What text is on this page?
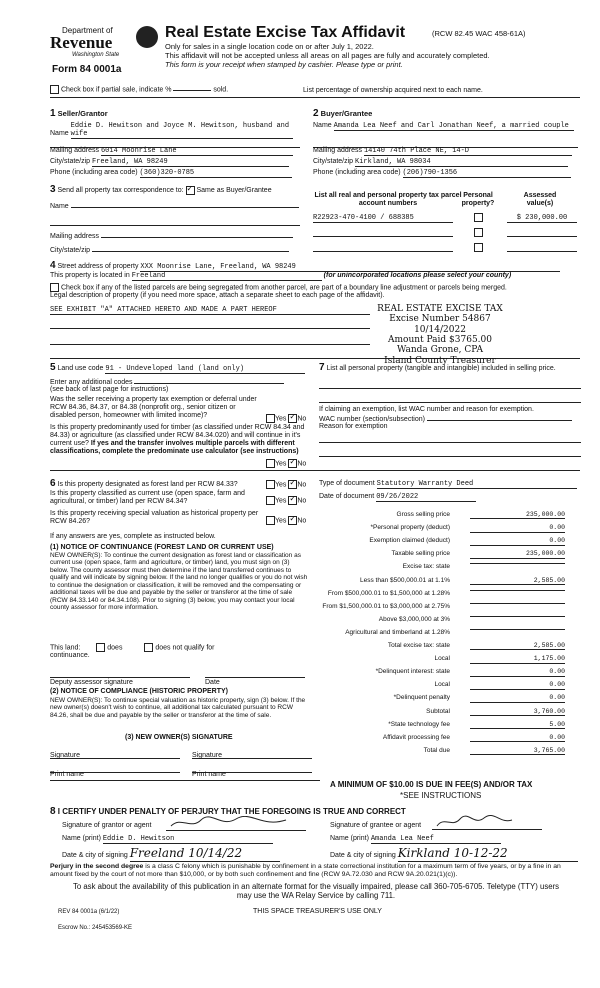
Department of
Revenue
Washington State
Form 84 0001a
Real Estate Excise Tax Affidavit	(RCW 82.45 WAC 458-61A)
Only for sales in a single location code on or after July 1, 2022.
This affidavit will not be accepted unless all areas on all pages are fully and accurately completed.
This form is your receipt when stamped by cashier. Please type or print.
Check box if partial sale, indicate %	sold.	List percentage of ownership acquired next to each name.
1 Seller/Grantor
Name Eddie D. Hewitson and Joyce M. Hewitson, husband and wife
Mailing address 6014 Moonrise Lane
City/state/zip Freeland, WA 98249
Phone (including area code) (360)320-0785
2 Buyer/Grantee
Name Amanda Lea Neef and Carl Jonathan Neef, a married couple
Mailing address 14140 74th Place NE, 14-D
City/state/zip Kirkland, WA 98034
Phone (including area code) (206)790-1356
3 Send all property tax correspondence to: ✓ Same as Buyer/Grantee
Name
Mailing address
City/state/zip
List all real and personal property tax parcel account numbers
Personal property?
Assessed value(s)
R22923-470-4100 / 688385	$ 230,000.00
4 Street address of property XXX Moonrise Lane, Freeland, WA 98249
This property is located in Freeland	(for unincorporated locations please select your county)
Check box if any of the listed parcels are being segregated from another parcel, are part of a boundary line adjustment or parcels being merged.
Legal description of property (if you need more space, attach a separate sheet to each page of the affidavit).
SEE EXHIBIT "A" ATTACHED HERETO AND MADE A PART HEREOF	REAL ESTATE EXCISE TAX
Excise Number 54867
10/14/2022
Amount Paid $3765.00
Wanda Grone, CPA
Island County Treasurer
5 Land use code 91 - Undeveloped land (land only)
Enter any additional codes
(see back of last page for instructions)
Was the seller receiving a property tax exemption or deferral under RCW 84.36, 84.37, or 84.38 (nonprofit org., senior citizen or disabled person, homeowner with limited income)?	Yes ✓ No
Is this property predominantly used for timber (as classified under RCW 84.34 and 84.33) or agriculture (as classified under RCW 84.34.020) and will continue in it's current use? If yes and the transfer involves multiple parcels with different classifications, complete the predominate use calculator (see instructions)
Yes ✓ No
7 List all personal property (tangible and intangible) included in selling price.
If claiming an exemption, list WAC number and reason for exemption.
WAC number (section/subsection)
Reason for exemption
6 Is this property designated as forest land per RCW 84.33?	Yes ✓ No
Is this property classified as current use (open space, farm and agricultural, or timber) land per RCW 84.34?	Yes ✓ No
Is this property receiving special valuation as historical property per RCW 84.26?	Yes ✓ No
If any answers are yes, complete as instructed below.
(1) NOTICE OF CONTINUANCE (FOREST LAND OR CURRENT USE)
NEW OWNER(S): To continue the current designation as forest land or classification as current use (open space, farm and agriculture, or timber) land, you must sign on (3) below. The county assessor must then determine if the land transferred continues to qualify and will indicate by signing below. If the land no longer qualifies or you do not wish to continue the designation or classification, it will be removed and the compensating or additional taxes will be due and payable by the seller or transferor at the time of sale (RCW 84.33.140 or 84.34.108). Prior to signing (3) below, you may contact your local county assessor for more information.
This land:	does	does not qualify for
continuance.
Deputy assessor signature	Date
(2) NOTICE OF COMPLIANCE (HISTORIC PROPERTY)
NEW OWNER(S): To continue special valuation as historic property, sign (3) below. If the new owner(s) doesn't wish to continue, all additional tax calculated pursuant to RCW 84.26, shall be due and payable by the seller or transferor at the time of sale.
(3) NEW OWNER(S) SIGNATURE
Signature	Signature
Print name	Print name
Type of document Statutory Warranty Deed
Date of document 09/26/2022
Gross selling price	235,000.00
*Personal property (deduct)	0.00
Exemption claimed (deduct)	0.00
Taxable selling price	235,000.00
Excise tax: state
Less than $500,000.01 at 1.1%	2,585.00
From $500,000.01 to $1,500,000 at 1.28%
From $1,500,000.01 to $3,000,000 at 2.75%
Above $3,000,000 at 3%
Agricultural and timberland at 1.28%
Total excise tax: state	2,585.00
Local	1,175.00
*Delinquent interest: state	0.00
Local	0.00
*Delinquent penalty	0.00
Subtotal	3,760.00
*State technology fee	5.00
Affidavit processing fee	0.00
Total due	3,765.00
A MINIMUM OF $10.00 IS DUE IN FEE(S) AND/OR TAX
*SEE INSTRUCTIONS
8 I CERTIFY UNDER PENALTY OF PERJURY THAT THE FOREGOING IS TRUE AND CORRECT
Signature of grantor or agent
Name (print) Eddie D. Hewitson
Date & city of signing Freeland 10/14/22
Signature of grantee or agent
Name (print) Amanda Lea Neef
Date & city of signing Kirkland 10-12-22
Perjury in the second degree is a class C felony which is punishable by confinement in a state correctional institution for a maximum term of five years, or by a fine in an amount fixed by the court of not more than $10,000, or by both such confinement and fine (RCW 9A.72.030 and RCW 9A.20.021(1)(c)).
To ask about the availability of this publication in an alternate format for the visually impaired, please call 360-705-6705. Teletype (TTY) users may use the WA Relay Service by calling 711.
REV 84 0001a (6/1/22)	THIS SPACE TREASURER'S USE ONLY
Escrow No.: 245453569-KE
